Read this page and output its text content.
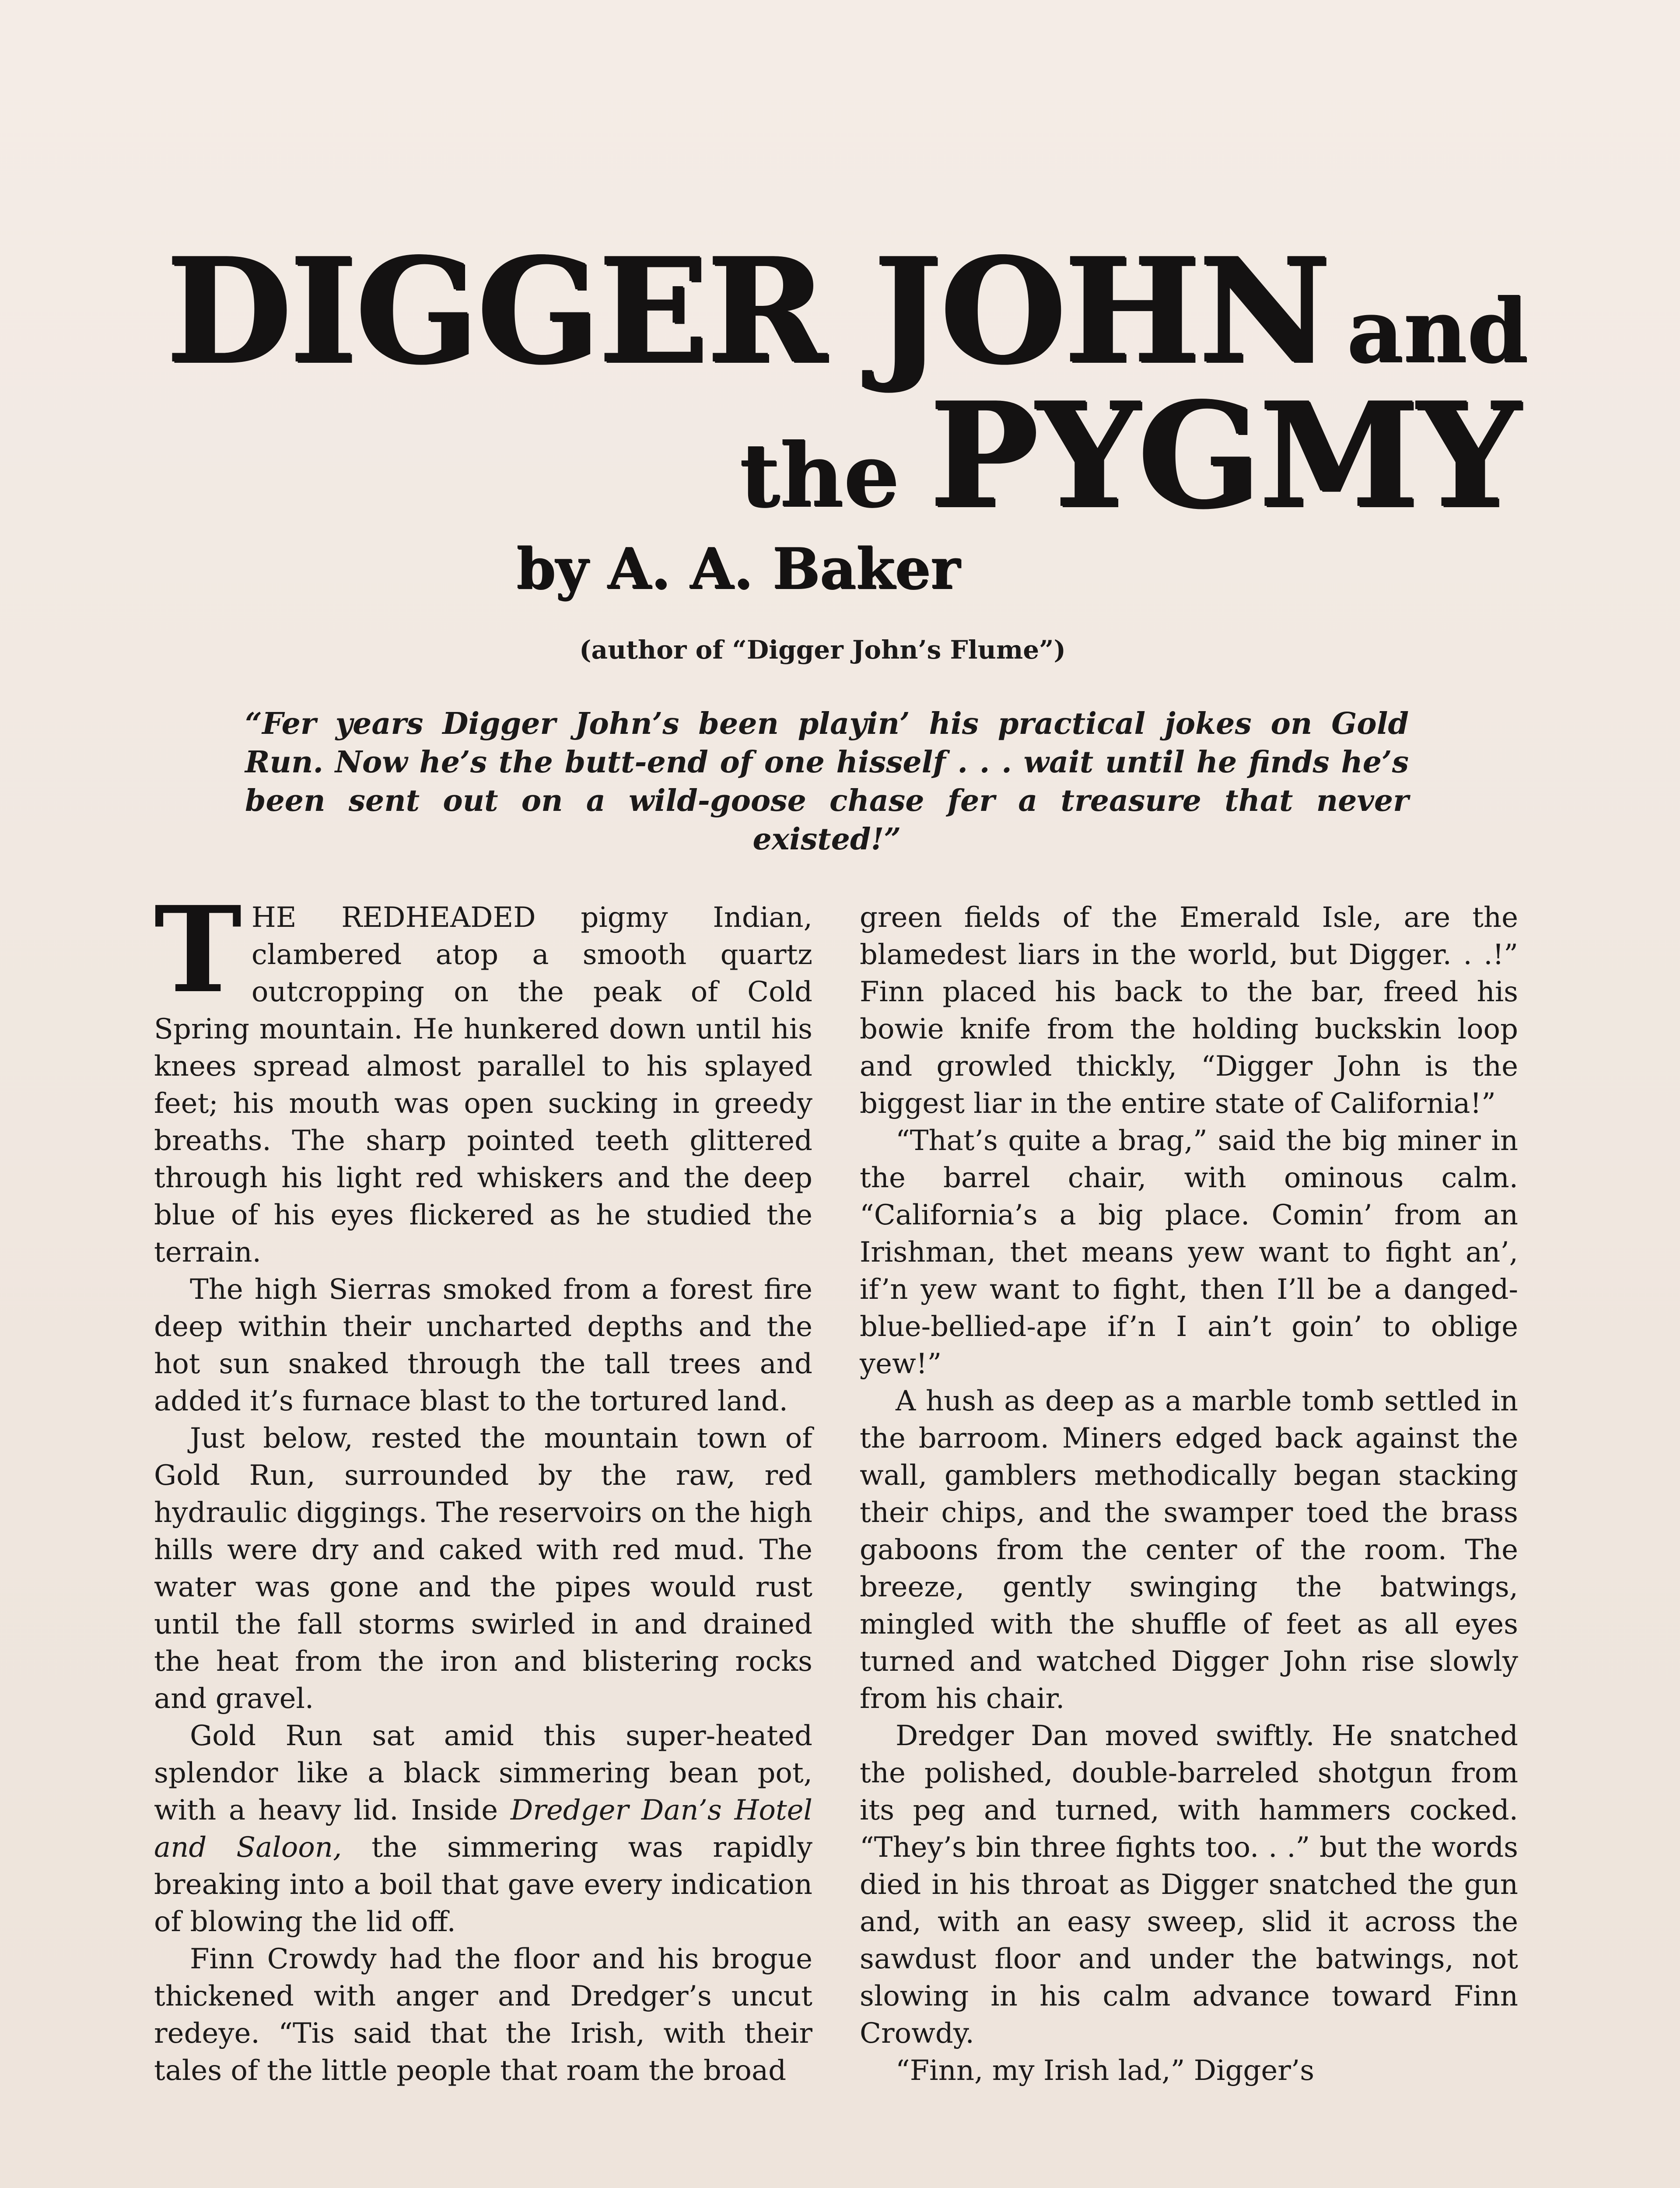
DIGGER JOHN and
the PYGMY
by A. A. Baker
(author of “Digger John’s Flume”)
“Fer years Digger John’s been playin’ his practical jokes on Gold Run. Now he’s the butt-end of one hisself . . . wait until he finds he’s been sent out on a wild-goose chase fer a treasure that never existed!”

THE REDHEADED pigmy Indian, clambered atop a smooth quartz outcropping on the peak of Cold Spring mountain. He hunkered down until his knees spread almost parallel to his splayed feet; his mouth was open sucking in greedy breaths. The sharp pointed teeth glittered through his light red whiskers and the deep blue of his eyes flickered as he studied the terrain.

The high Sierras smoked from a forest fire deep within their uncharted depths and the hot sun snaked through the tall trees and added it’s furnace blast to the tortured land.

Just below, rested the mountain town of Gold Run, surrounded by the raw, red hydraulic diggings. The reservoirs on the high hills were dry and caked with red mud. The water was gone and the pipes would rust until the fall storms swirled in and drained the heat from the iron and blistering rocks and gravel.

Gold Run sat amid this super-heated splendor like a black simmering bean pot, with a heavy lid. Inside Dredger Dan’s Hotel and Saloon, the simmering was rapidly breaking into a boil that gave every indication of blowing the lid off.

Finn Crowdy had the floor and his brogue thickened with anger and Dredger’s uncut redeye. “Tis said that the Irish, with their tales of the little people that roam the broad

green fields of the Emerald Isle, are the blamedest liars in the world, but Digger. . .!” Finn placed his back to the bar, freed his bowie knife from the holding buckskin loop and growled thickly, “Digger John is the biggest liar in the entire state of California!”

“That’s quite a brag,” said the big miner in the barrel chair, with ominous calm. “California’s a big place. Comin’ from an Irishman, thet means yew want to fight an’, if’n yew want to fight, then I’ll be a danged-blue-bellied-ape if’n I ain’t goin’ to oblige yew!”

A hush as deep as a marble tomb settled in the barroom. Miners edged back against the wall, gamblers methodically began stacking their chips, and the swamper toed the brass gaboons from the center of the room. The breeze, gently swinging the batwings, mingled with the shuffle of feet as all eyes turned and watched Digger John rise slowly from his chair.

Dredger Dan moved swiftly. He snatched the polished, double-barreled shotgun from its peg and turned, with hammers cocked. “They’s bin three fights too. . .” but the words died in his throat as Digger snatched the gun and, with an easy sweep, slid it across the sawdust floor and under the batwings, not slowing in his calm advance toward Finn Crowdy.

“Finn, my Irish lad,” Digger’s
